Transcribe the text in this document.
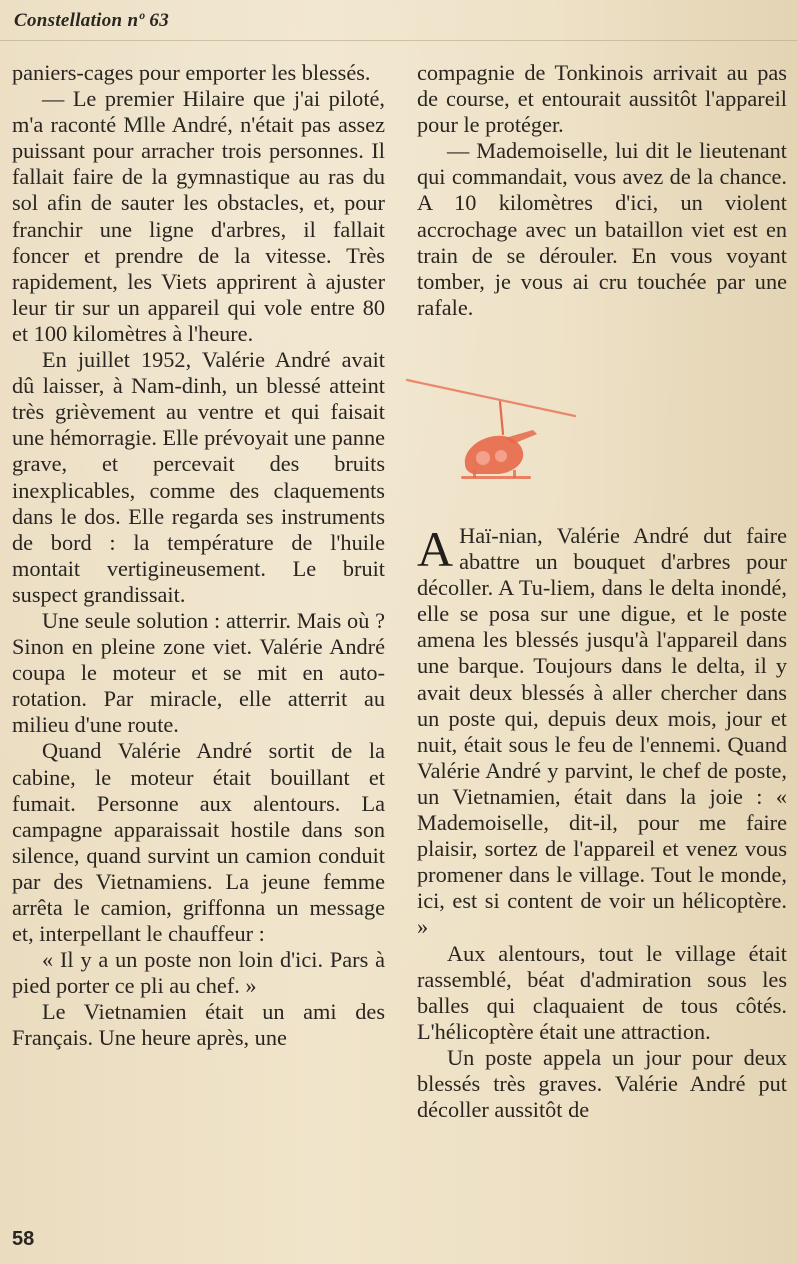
Constellation nº 63

paniers-cages pour emporter les blessés.

— Le premier Hilaire que j'ai piloté, m'a raconté Mlle André, n'était pas assez puissant pour arracher trois personnes. Il fallait faire de la gymnastique au ras du sol afin de sauter les obstacles, et, pour franchir une ligne d'arbres, il fallait foncer et prendre de la vitesse. Très rapidement, les Viets apprirent à ajuster leur tir sur un appareil qui vole entre 80 et 100 kilomètres à l'heure.

En juillet 1952, Valérie André avait dû laisser, à Nam-dinh, un blessé atteint très grièvement au ventre et qui faisait une hémorragie. Elle prévoyait une panne grave, et percevait des bruits inexplicables, comme des claquements dans le dos. Elle regarda ses instruments de bord : la température de l'huile montait vertigineusement. Le bruit suspect grandissait.

Une seule solution : atterrir. Mais où ? Sinon en pleine zone viet. Valérie André coupa le moteur et se mit en auto-rotation. Par miracle, elle atterrit au milieu d'une route.

Quand Valérie André sortit de la cabine, le moteur était bouillant et fumait. Personne aux alentours. La campagne apparaissait hostile dans son silence, quand survint un camion conduit par des Vietnamiens. La jeune femme arrêta le camion, griffonna un message et, interpellant le chauffeur :

« Il y a un poste non loin d'ici. Pars à pied porter ce pli au chef. »

Le Vietnamien était un ami des Français. Une heure après, une

compagnie de Tonkinois arrivait au pas de course, et entourait aussitôt l'appareil pour le protéger.

— Mademoiselle, lui dit le lieutenant qui commandait, vous avez de la chance. A 10 kilomètres d'ici, un violent accrochage avec un bataillon viet est en train de se dérouler. En vous voyant tomber, je vous ai cru touchée par une rafale.

A Haï-nian, Valérie André dut faire abattre un bouquet d'arbres pour décoller. A Tu-liem, dans le delta inondé, elle se posa sur une digue, et le poste amena les blessés jusqu'à l'appareil dans une barque. Toujours dans le delta, il y avait deux blessés à aller chercher dans un poste qui, depuis deux mois, jour et nuit, était sous le feu de l'ennemi. Quand Valérie André y parvint, le chef de poste, un Vietnamien, était dans la joie : « Mademoiselle, dit-il, pour me faire plaisir, sortez de l'appareil et venez vous promener dans le village. Tout le monde, ici, est si content de voir un hélicoptère. »

Aux alentours, tout le village était rassemblé, béat d'admiration sous les balles qui claquaient de tous côtés. L'hélicoptère était une attraction.

Un poste appela un jour pour deux blessés très graves. Valérie André put décoller aussitôt de

58
